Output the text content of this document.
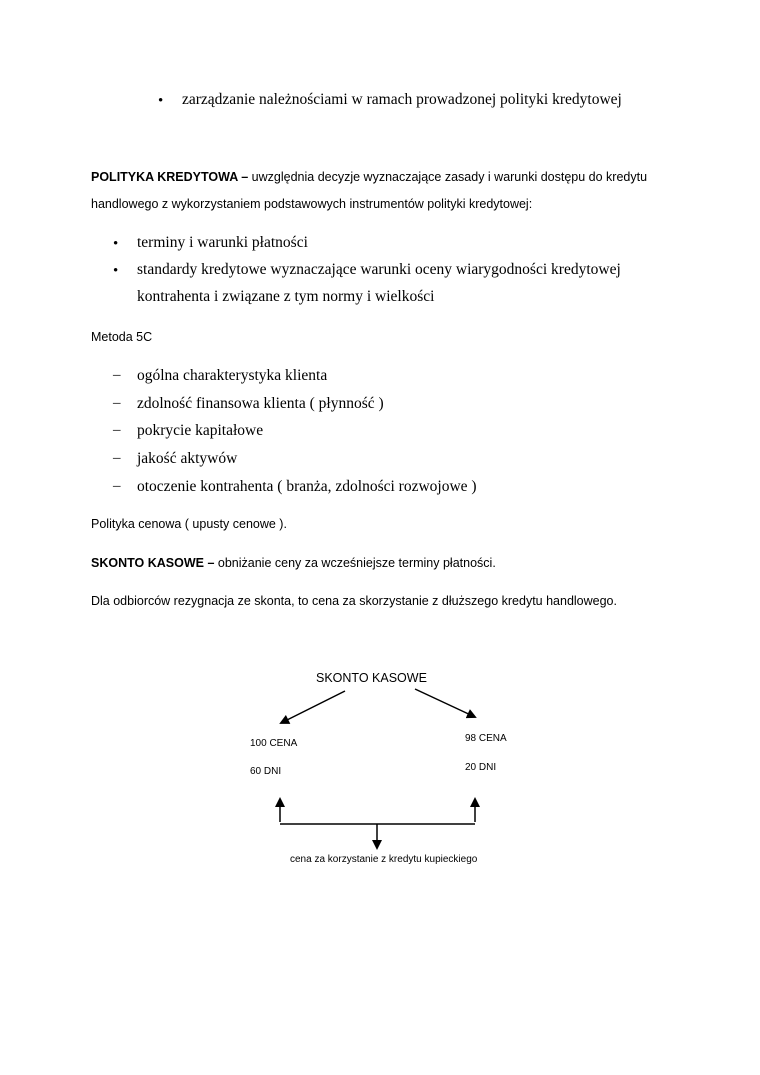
• zarządzanie należnościami w ramach prowadzonej polityki kredytowej
POLITYKA KREDYTOWA – uwzględnia decyzje wyznaczające zasady i warunki dostępu do kredytu
handlowego z wykorzystaniem podstawowych instrumentów polityki kredytowej:
• terminy i warunki płatności
• standardy kredytowe wyznaczające warunki oceny wiarygodności kredytowej
kontrahenta i związane z tym normy i wielkości
Metoda 5C
– ogólna charakterystyka klienta
– zdolność finansowa klienta ( płynność )
– pokrycie kapitałowe
– jakość aktywów
– otoczenie kontrahenta ( branża, zdolności rozwojowe )
Polityka cenowa ( upusty cenowe ).
SKONTO KASOWE – obniżanie ceny za wcześniejsze terminy płatności.
Dla odbiorców rezygnacja ze skonta, to cena za skorzystanie z dłuższego kredytu handlowego.
SKONTO KASOWE
100 CENA
60 DNI
98 CENA
20 DNI
cena za korzystanie z kredytu kupieckiego
